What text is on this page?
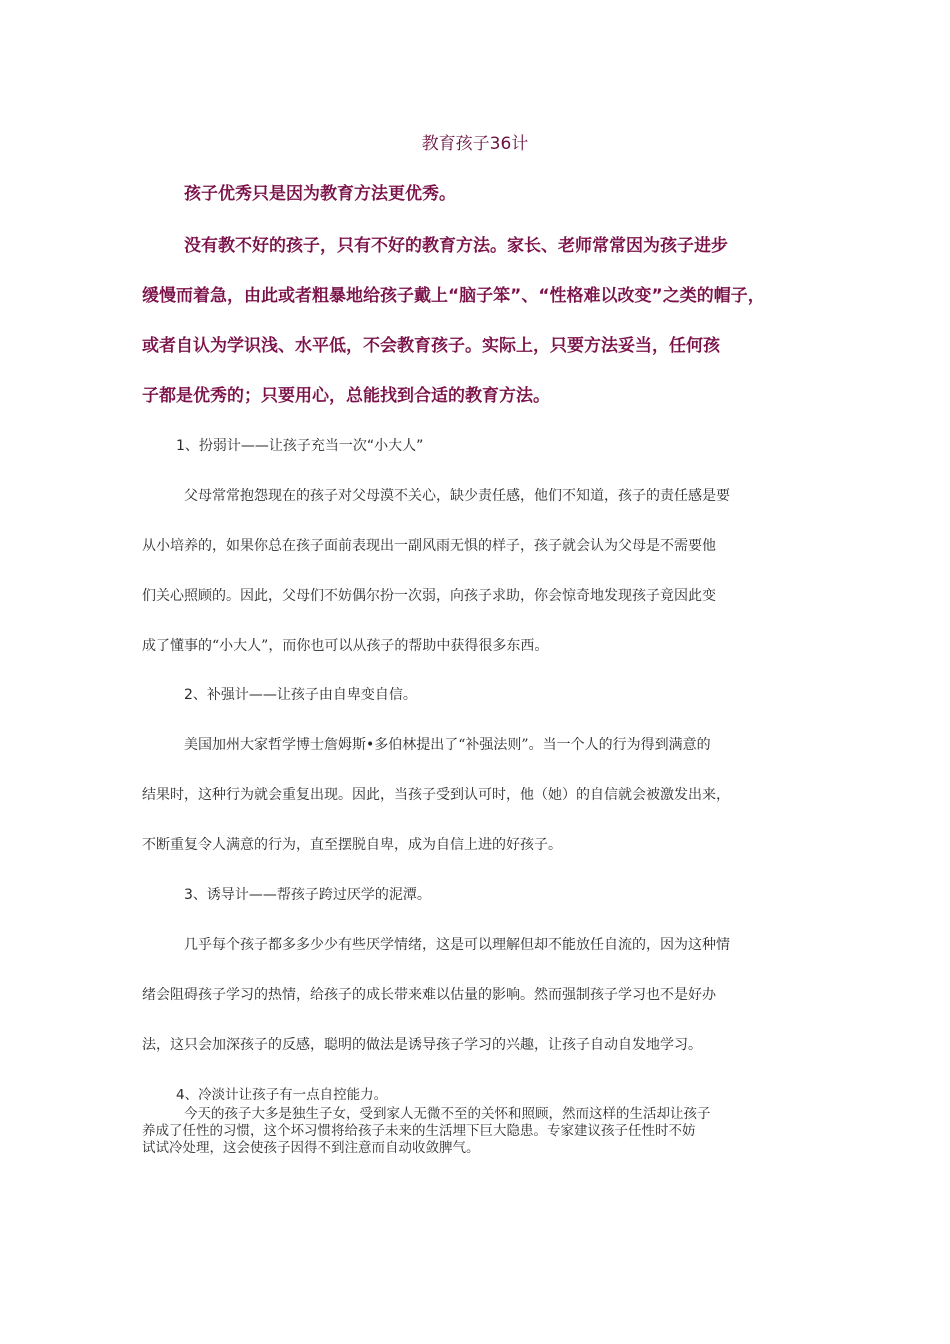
教育孩子36计
孩子优秀只是因为教育方法更优秀。
没有教不好的孩子，只有不好的教育方法。家长、老师常常因为孩子进步
缓慢而着急，由此或者粗暴地给孩子戴上“脑子笨”、“性格难以改变”之类的帽子，
或者自认为学识浅、水平低，不会教育孩子。实际上，只要方法妥当，任何孩
子都是优秀的；只要用心，总能找到合适的教育方法。
1、扮弱计——让孩子充当一次“小大人”
父母常常抱怨现在的孩子对父母漠不关心，缺少责任感，他们不知道，孩子的责任感是要
从小培养的，如果你总在孩子面前表现出一副风雨无惧的样子，孩子就会认为父母是不需要他
们关心照顾的。因此，父母们不妨偶尔扮一次弱，向孩子求助，你会惊奇地发现孩子竟因此变
成了懂事的“小大人”，而你也可以从孩子的帮助中获得很多东西。
2、补强计——让孩子由自卑变自信。
美国加州大家哲学博士詹姆斯•多伯林提出了“补强法则”。当一个人的行为得到满意的
结果时，这种行为就会重复出现。因此，当孩子受到认可时，他（她）的自信就会被激发出来，
不断重复令人满意的行为，直至摆脱自卑，成为自信上进的好孩子。
3、诱导计——帮孩子跨过厌学的泥潭。
几乎每个孩子都多多少少有些厌学情绪，这是可以理解但却不能放任自流的，因为这种情
绪会阻碍孩子学习的热情，给孩子的成长带来难以估量的影响。然而强制孩子学习也不是好办
法，这只会加深孩子的反感，聪明的做法是诱导孩子学习的兴趣，让孩子自动自发地学习。
4、冷淡计让孩子有一点自控能力。
今天的孩子大多是独生子女，受到家人无微不至的关怀和照顾，然而这样的生活却让孩子
养成了任性的习惯，这个坏习惯将给孩子未来的生活埋下巨大隐患。专家建议孩子任性时不妨
试试冷处理，这会使孩子因得不到注意而自动收敛脾气。
